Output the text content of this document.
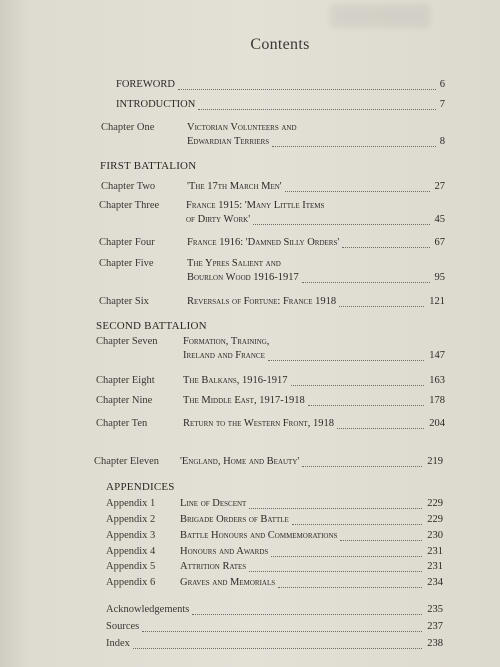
Contents
FIRST BATTALION
SECOND BATTALION
APPENDICES
FOREWORD	6
INTRODUCTION	7
Chapter One	Victorian Volunteers and
Edwardian Terriers	8
Chapter Two	'The 17th March Men'	27
Chapter Three	France 1915: 'Many Little Items
of Dirty Work'	45
Chapter Four	France 1916: 'Damned Silly Orders'	67
Chapter Five	The Ypres Salient and
Bourlon Wood 1916-1917	95
Chapter Six	Reversals of Fortune: France 1918	121
Chapter Seven Formation, Training,
Ireland and France	147
Chapter Eight	The Balkans, 1916-1917	163
Chapter Nine	The Middle East, 1917-1918	178
Chapter Ten	Return to the Western Front, 1918	204
Chapter Eleven 'England, Home and Beauty'	219
Appendix 1 Line of Descent	229
Appendix 2 Brigade Orders of Battle	229
Appendix 3 Battle Honours and Commemorations	230
Appendix 4 Honours and Awards	231
Appendix 5 Attrition Rates	231
Appendix 6 Graves and Memorials	234
Acknowledgements	235
Sources	237
Index	238
